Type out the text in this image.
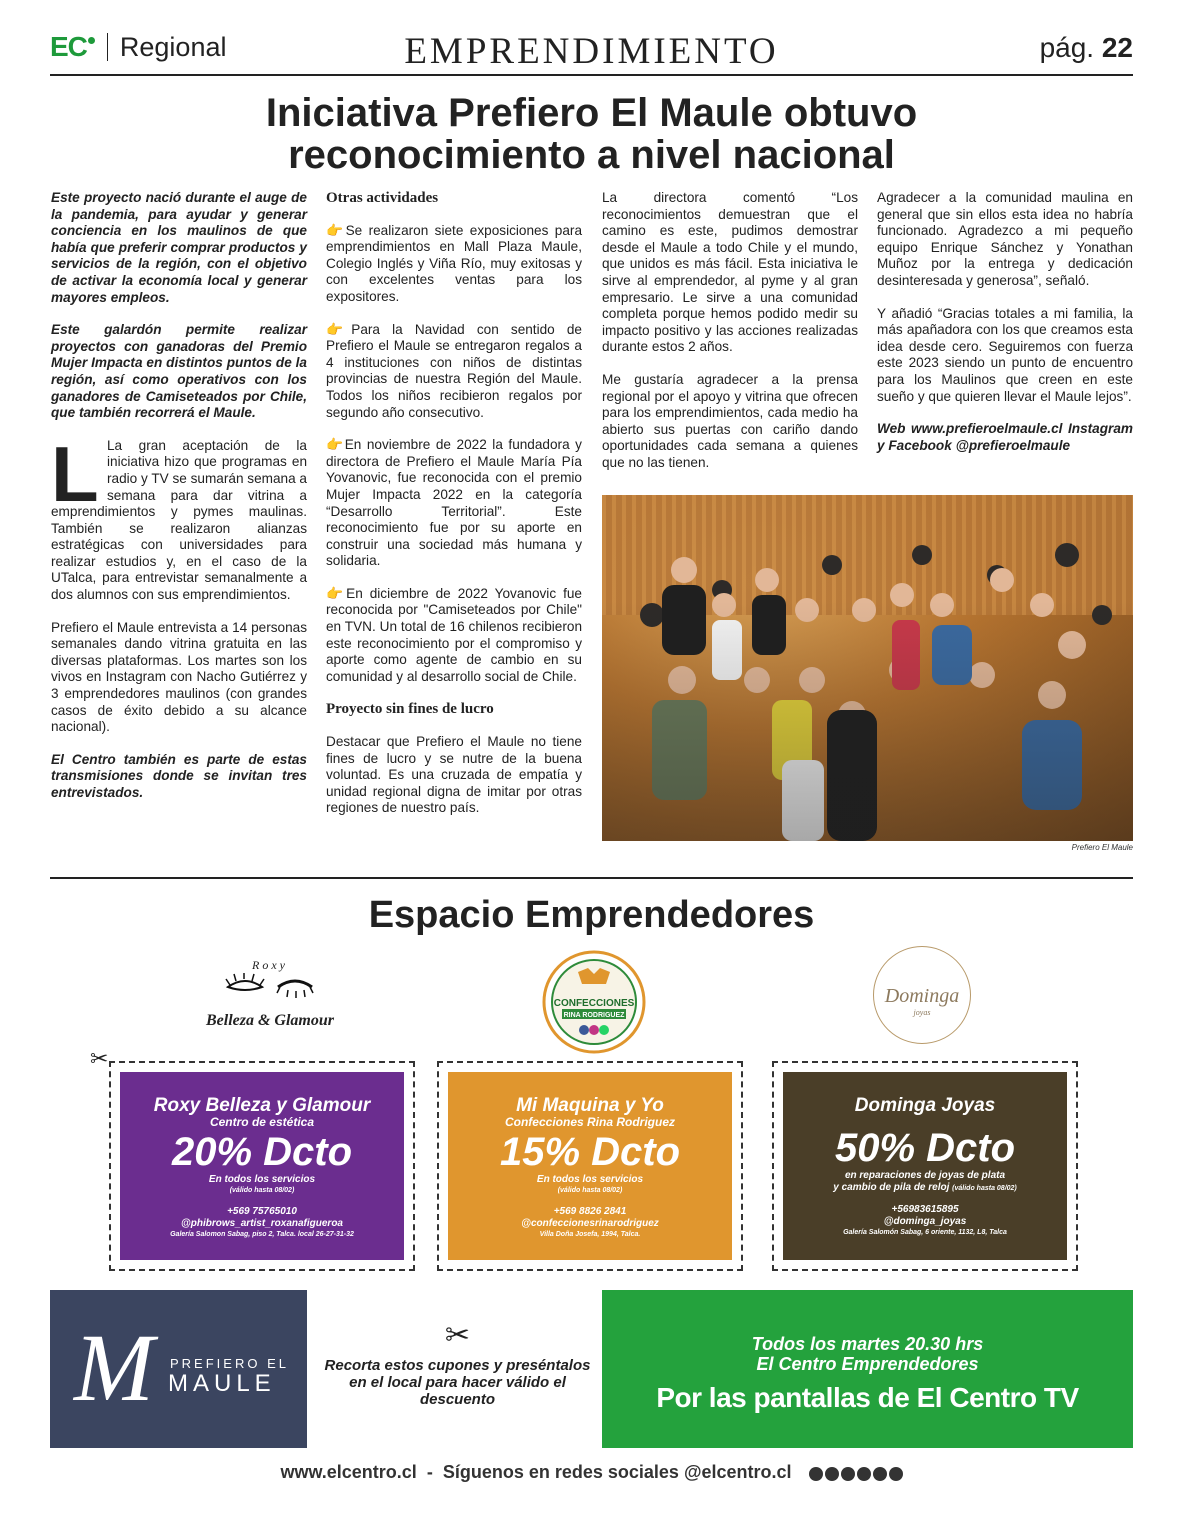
EC Regional	EMPRENDIMIENTO	pág. 22
Iniciativa Prefiero El Maule obtuvo
reconocimiento a nivel nacional

Este proyecto nació durante el auge de la pandemia, para ayudar y generar conciencia en los maulinos de que había que preferir comprar productos y servicios de la región, con el objetivo de activar la economía local y generar mayores empleos.

Este galardón permite realizar proyectos con ganadoras del Premio Mujer Impacta en distintos puntos de la región, así como operativos con los ganadores de Camiseteados por Chile, que también recorrerá el Maule.

L La gran aceptación de la iniciativa hizo que programas en radio y TV se sumarán semana a semana para dar vitrina a emprendimientos y pymes maulinas. También se realizaron alianzas estratégicas con universidades para realizar estudios y, en el caso de la UTalca, para entrevistar semanalmente a dos alumnos con sus emprendimientos.

Prefiero el Maule entrevista a 14 personas semanales dando vitrina gratuita en las diversas plataformas. Los martes son los vivos en Instagram con Nacho Gutiérrez y 3 emprendedores maulinos (con grandes casos de éxito debido a su alcance nacional).

El Centro también es parte de estas transmisiones donde se invitan tres entrevistados.

Otras actividades

👉Se realizaron siete exposiciones para emprendimientos en Mall Plaza Maule, Colegio Inglés y Viña Río, muy exitosas y con excelentes ventas para los expositores.

👉Para la Navidad con sentido de Prefiero el Maule se entregaron regalos a 4 instituciones con niños de distintas provincias de nuestra Región del Maule. Todos los niños recibieron regalos por segundo año consecutivo.

👉En noviembre de 2022 la fundadora y directora de Prefiero el Maule María Pía Yovanovic, fue reconocida con el premio Mujer Impacta 2022 en la categoría “Desarrollo Territorial”. Este reconocimiento fue por su aporte en construir una sociedad más humana y solidaria.

👉En diciembre de 2022 Yovanovic fue reconocida por "Camiseteados por Chile" en TVN. Un total de 16 chilenos recibieron este reconocimiento por el compromiso y aporte como agente de cambio en su comunidad y al desarrollo social de Chile.

Proyecto sin fines de lucro

Destacar que Prefiero el Maule no tiene fines de lucro y se nutre de la buena voluntad. Es una cruzada de empatía y unidad regional digna de imitar por otras regiones de nuestro país.

La directora comentó “Los reconocimientos demuestran que el camino es este, pudimos demostrar desde el Maule a todo Chile y el mundo, que unidos es más fácil. Esta iniciativa le sirve al emprendedor, al pyme y al gran empresario. Le sirve a una comunidad completa porque hemos podido medir su impacto positivo y las acciones realizadas durante estos 2 años.

Me gustaría agradecer a la prensa regional por el apoyo y vitrina que ofrecen para los emprendimientos, cada medio ha abierto sus puertas con cariño dando oportunidades cada semana a quienes que no las tienen.

Agradecer a la comunidad maulina en general que sin ellos esta idea no habría funcionado. Agradezco a mi pequeño equipo Enrique Sánchez y Yonathan Muñoz por la entrega y dedicación desinteresada y generosa”, señaló.

Y añadió “Gracias totales a mi familia, la más apañadora con los que creamos esta idea desde cero. Seguiremos con fuerza este 2023 siendo un punto de encuentro para los Maulinos que creen en este sueño y que quieren llevar el Maule lejos”.

Web www.prefieroelmaule.cl Instagram y Facebook @prefieroelmaule

Prefiero El Maule
Espacio Emprendedores
Roxy
Belleza & Glamour
CONFECCIONES
RINA RODRIGUEZ
Dominga
joyas
✂
Roxy Belleza y Glamour
Centro de estética
20% Dcto
En todos los servicios
(válido hasta 08/02)
+569 75765010
@phibrows_artist_roxanafigueroa
Galería Salomon Sabag, piso 2, Talca. local 26-27-31-32
Mi Maquina y Yo
Confecciones Rina Rodriguez
15% Dcto
En todos los servicios
(válido hasta 08/02)
+569 8826 2841
@confeccionesrinarodriguez
Villa Doña Josefa, 1994, Talca.
Dominga Joyas
50% Dcto
en reparaciones de joyas de plata
y cambio de pila de reloj (válido hasta 08/02)
+56983615895
@dominga_joyas
Galería Salomón Sabag, 6 oriente, 1132, L8, Talca
M PREFIERO EL
MAULE
✂
Recorta estos cupones y preséntalos en el local para hacer válido el descuento
Todos los martes 20.30 hrs
El Centro Emprendedores
Por las pantallas de El Centro TV
www.elcentro.cl - Síguenos en redes sociales @elcentro.cl
